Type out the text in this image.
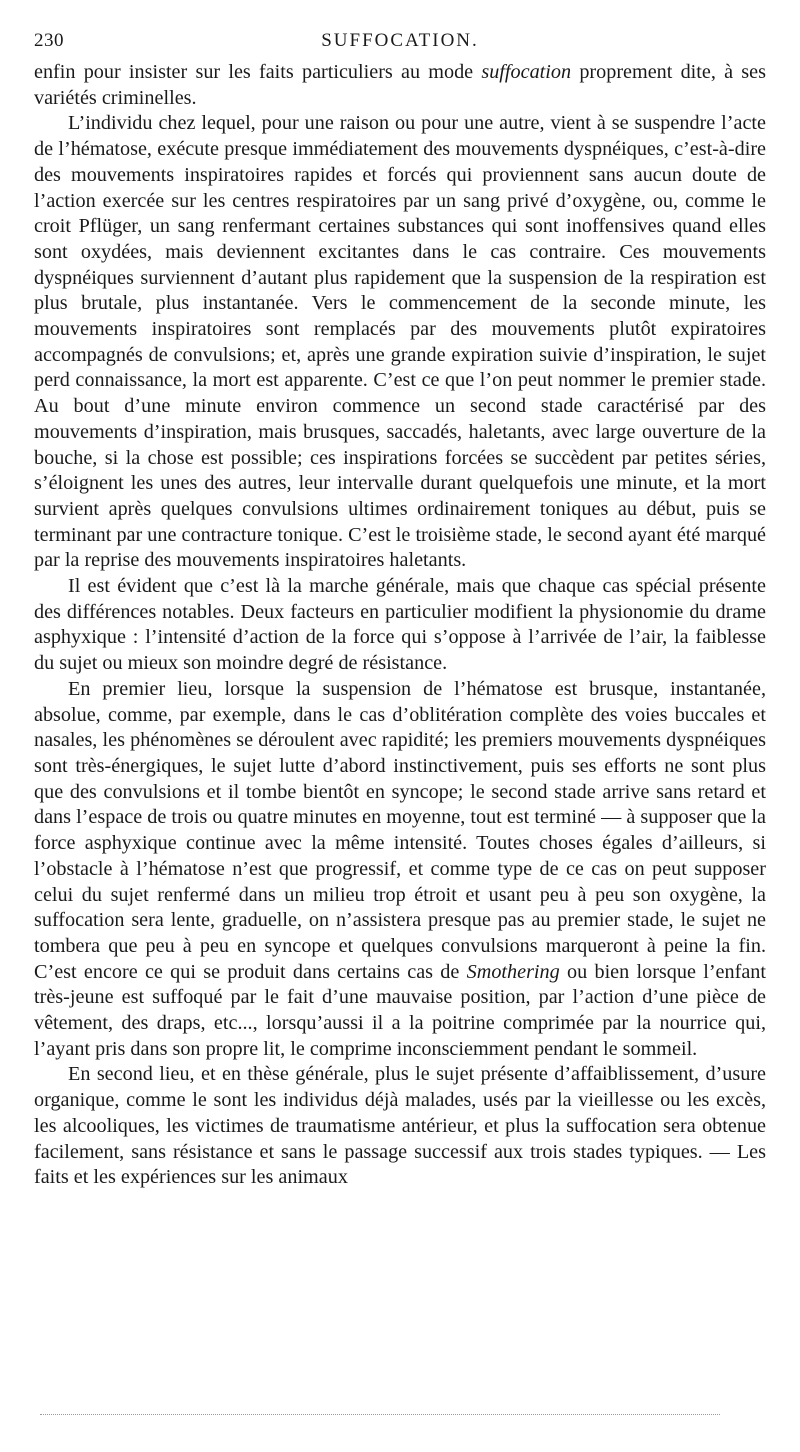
230	SUFFOCATION.

enfin pour insister sur les faits particuliers au mode suffocation proprement dite, à ses variétés criminelles.

L’individu chez lequel, pour une raison ou pour une autre, vient à se suspendre l’acte de l’hématose, exécute presque immédiatement des mouvements dyspnéiques, c’est-à-dire des mouvements inspiratoires rapides et forcés qui proviennent sans aucun doute de l’action exercée sur les centres respiratoires par un sang privé d’oxygène, ou, comme le croit Pflüger, un sang renfermant certaines substances qui sont inoffensives quand elles sont oxydées, mais deviennent excitantes dans le cas contraire. Ces mouvements dyspnéiques surviennent d’autant plus rapidement que la suspension de la respiration est plus brutale, plus instantanée. Vers le commencement de la seconde minute, les mouvements inspiratoires sont remplacés par des mouvements plutôt expiratoires accompagnés de convulsions; et, après une grande expiration suivie d’inspiration, le sujet perd connaissance, la mort est apparente. C’est ce que l’on peut nommer le premier stade. Au bout d’une minute environ commence un second stade caractérisé par des mouvements d’inspiration, mais brusques, saccadés, haletants, avec large ouverture de la bouche, si la chose est possible; ces inspirations forcées se succèdent par petites séries, s’éloignent les unes des autres, leur intervalle durant quelquefois une minute, et la mort survient après quelques convulsions ultimes ordinairement toniques au début, puis se terminant par une contracture tonique. C’est le troisième stade, le second ayant été marqué par la reprise des mouvements inspiratoires haletants.

Il est évident que c’est là la marche générale, mais que chaque cas spécial présente des différences notables. Deux facteurs en particulier modifient la physionomie du drame asphyxique : l’intensité d’action de la force qui s’oppose à l’arrivée de l’air, la faiblesse du sujet ou mieux son moindre degré de résistance.

En premier lieu, lorsque la suspension de l’hématose est brusque, instantanée, absolue, comme, par exemple, dans le cas d’oblitération complète des voies buccales et nasales, les phénomènes se déroulent avec rapidité; les premiers mouvements dyspnéiques sont très-énergiques, le sujet lutte d’abord instinctivement, puis ses efforts ne sont plus que des convulsions et il tombe bientôt en syncope; le second stade arrive sans retard et dans l’espace de trois ou quatre minutes en moyenne, tout est terminé — à supposer que la force asphyxique continue avec la même intensité. Toutes choses égales d’ailleurs, si l’obstacle à l’hématose n’est que progressif, et comme type de ce cas on peut supposer celui du sujet renfermé dans un milieu trop étroit et usant peu à peu son oxygène, la suffocation sera lente, graduelle, on n’assistera presque pas au premier stade, le sujet ne tombera que peu à peu en syncope et quelques convulsions marqueront à peine la fin. C’est encore ce qui se produit dans certains cas de Smothering ou bien lorsque l’enfant très-jeune est suffoqué par le fait d’une mauvaise position, par l’action d’une pièce de vêtement, des draps, etc..., lorsqu’aussi il a la poitrine comprimée par la nourrice qui, l’ayant pris dans son propre lit, le comprime inconsciemment pendant le sommeil.

En second lieu, et en thèse générale, plus le sujet présente d’affaiblissement, d’usure organique, comme le sont les individus déjà malades, usés par la vieillesse ou les excès, les alcooliques, les victimes de traumatisme antérieur, et plus la suffocation sera obtenue facilement, sans résistance et sans le passage successif aux trois stades typiques. — Les faits et les expériences sur les animaux
